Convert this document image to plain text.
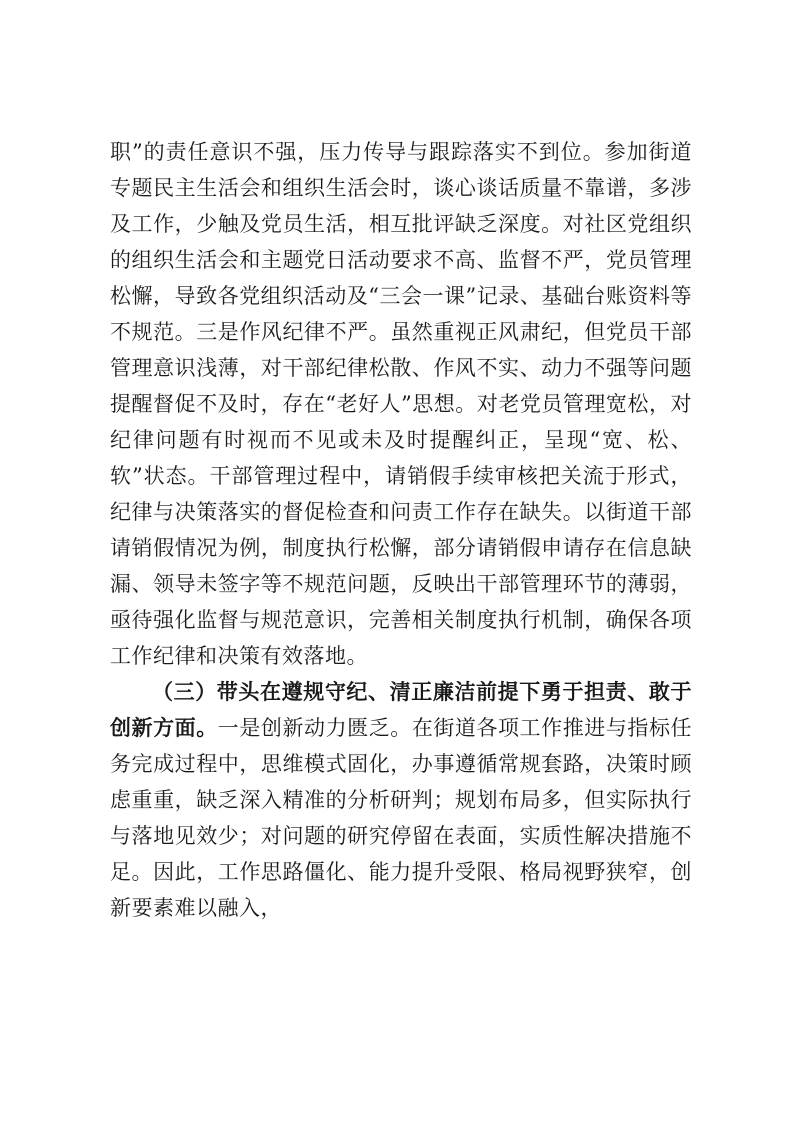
职”的责任意识不强，压力传导与跟踪落实不到位。参加街道专题民主生活会和组织生活会时，谈心谈话质量不靠谱，多涉及工作，少触及党员生活，相互批评缺乏深度。对社区党组织的组织生活会和主题党日活动要求不高、监督不严，党员管理松懈，导致各党组织活动及“三会一课”记录、基础台账资料等不规范。三是作风纪律不严。虽然重视正风肃纪，但党员干部管理意识浅薄，对干部纪律松散、作风不实、动力不强等问题提醒督促不及时，存在“老好人”思想。对老党员管理宽松，对纪律问题有时视而不见或未及时提醒纠正，呈现“宽、松、软”状态。干部管理过程中，请销假手续审核把关流于形式，纪律与决策落实的督促检查和问责工作存在缺失。以街道干部请销假情况为例，制度执行松懈，部分请销假申请存在信息缺漏、领导未签字等不规范问题，反映出干部管理环节的薄弱，亟待强化监督与规范意识，完善相关制度执行机制，确保各项工作纪律和决策有效落地。

（三）带头在遵规守纪、清正廉洁前提下勇于担责、敢于创新方面。一是创新动力匮乏。在街道各项工作推进与指标任务完成过程中，思维模式固化，办事遵循常规套路，决策时顾虑重重，缺乏深入精准的分析研判；规划布局多，但实际执行与落地见效少；对问题的研究停留在表面，实质性解决措施不足。因此，工作思路僵化、能力提升受限、格局视野狭窄，创新要素难以融入，
